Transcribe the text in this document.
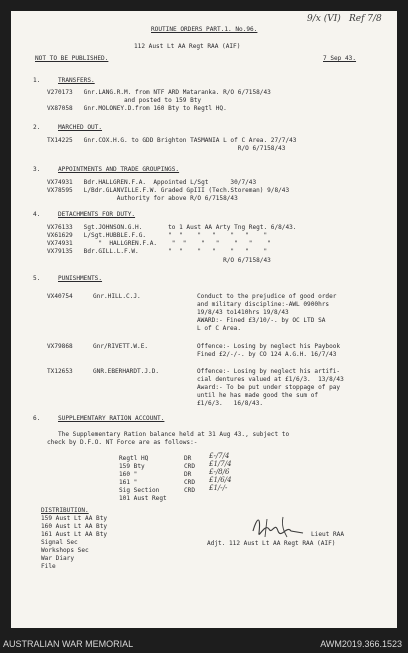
9/x (VI) Ref 7/8
ROUTINE ORDERS PART.1. No.96.
112 Aust Lt AA Regt RAA (AIF)
NOT TO BE PUBLISHED.	7 Sep 43.
1.	TRANSFERS.
V270173   Gnr.LANG.R.M. from NTF ARD Mataranka. R/O 6/7158/43
and posted to 159 Bty
VX87058   Gnr.MOLONEY.D.from 160 Bty to Regtl HQ.
2.	MARCHED OUT.
TX14225   Gnr.COX.H.G. to GDD Brighton TASMANIA L of C Area. 27/7/43
R/O 6/7158/43
3.	APPOINTMENTS AND TRADE GROUPINGS.
VX74931   Bdr.HALLGREN.F.A.  Appointed L/Sgt      30/7/43
VX78595   L/Bdr.GLANVILLE.F.W. Graded GpIII (Tech.Storeman) 9/8/43
Authority for above R/O 6/7158/43
4.	DETACHMENTS FOR DUTY.
VX76133   Sgt.JOHNSON.G.H.       to 1 Aust AA Arty Tng Regt. 6/8/43.
VX61629   L/Sgt.HUBBLE.F.G.      "  "    "   "    "   "    "
VX74931       "  HALLGREN.F.A.    "  "    "   "    "   "    "
VX79135   Bdr.GILL.L.F.W.        "  "    "   "    "   "    "
R/O 6/7158/43
5.	PUNISHMENTS.
VX40754	Gnr.HILL.C.J.	Conduct to the prejudice of good order
and military discipline:-AWL 0900hrs
19/8/43 to1410hrs 19/8/43
AWARD:- Fined £3/10/-. by OC LTD SA
L of C Area.
VX79868	Gnr/RIVETT.W.E.	Offence:- Losing by neglect his Paybook
Fined £2/-/-. by CO 124 A.G.H. 16/7/43
TX12653	GNR.EBERHARDT.J.D.	Offence:- Losing by neglect his artifi-
cial dentures valued at £1/6/3.  13/8/43
Award:- To be put under stoppage of pay
until he has made good the sum of
£1/6/3.   16/8/43.
6.	SUPPLEMENTARY RATION ACCOUNT.
The Supplementary Ration balance held at 31 Aug 43., subject to
check by D.F.O. NT Force are as follows:-
Regtl HQ	DR	£-/7/4
159 Bty	CRD £1/7/4
160 "	DR	£-/8/6
161 "	CRD £1/6/4
Sig Section	CRD £1/-/-
101 Aust Regt
DISTRIBUTION.
159 Aust Lt AA Bty
160 Aust Lt AA Bty
161 Aust Lt AA Bty
Signal Sec
Workshops Sec
War Diary
File
Lieut RAA
Adjt. 112 Aust Lt AA Regt RAA (AIF)
AUSTRALIAN WAR MEMORIAL	AWM2019.366.1523
